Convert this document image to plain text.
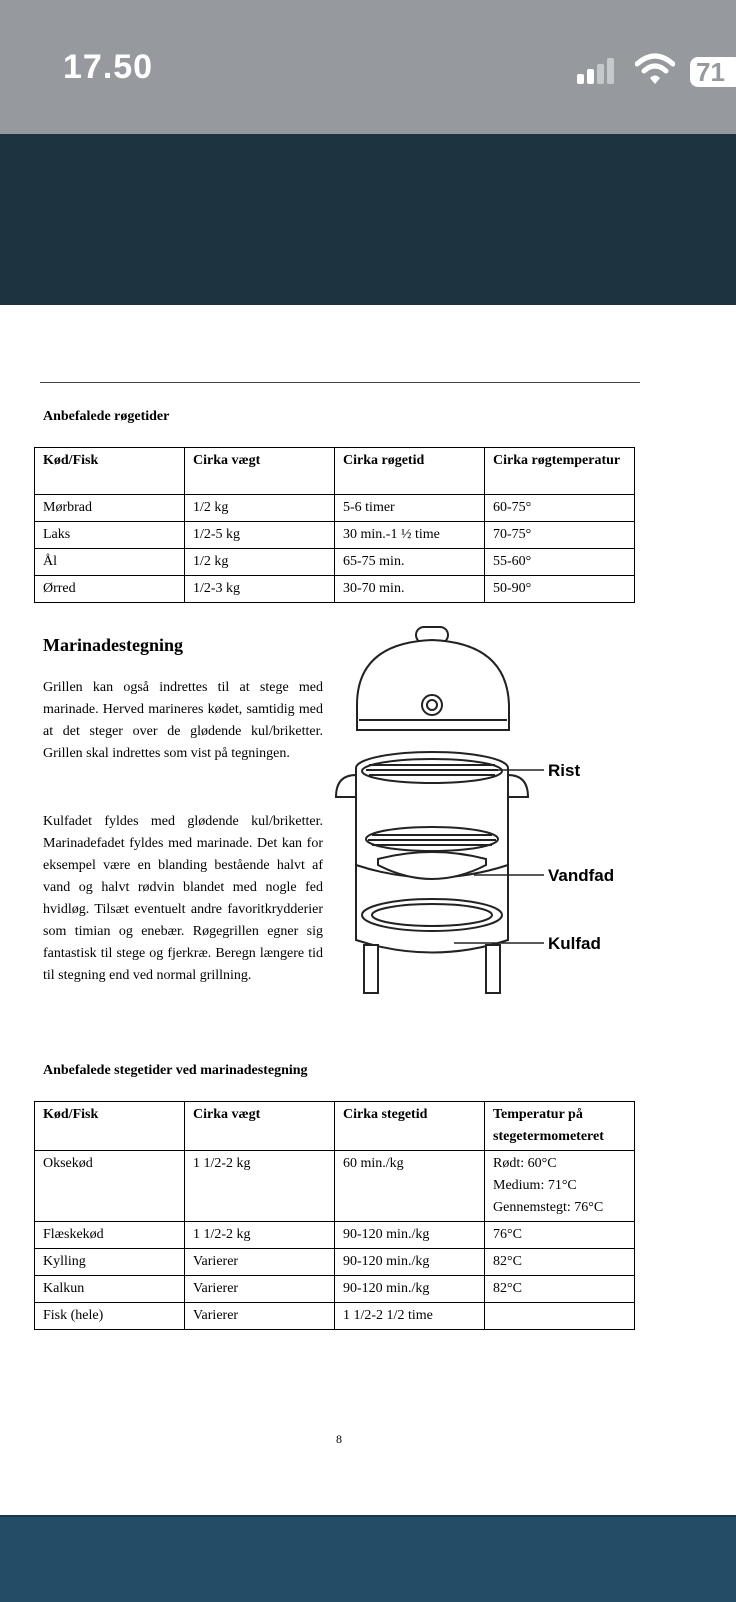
17.50	71
Anbefalede røgetider
Kød/Fisk	Cirka vægt	Cirka røgetid	Cirka røgtemperatur
Mørbrad	1/2 kg	5-6 timer	60-75°
Laks	1/2-5 kg	30 min.-1 ½ time	70-75°
Ål	1/2 kg	65-75 min.	55-60°
Ørred	1/2-3 kg	30-70 min.	50-90°
Marinadestegning

Grillen kan også indrettes til at stege med marinade. Herved marineres kødet, samtidig med at det steger over de glødende kul/briketter. Grillen skal indrettes som vist på tegningen.

Kulfadet fyldes med glødende kul/briketter. Marinadefadet fyldes med marinade. Det kan for eksempel være en blanding bestående halvt af vand og halvt rødvin blandet med nogle fed hvidløg. Tilsæt eventuelt andre favoritkrydderier som timian og enebær. Røgegrillen egner sig fantastisk til stege og fjerkræ. Beregn længere tid til stegning end ved normal grillning.

Rist
Vandfad
Kulfad
Anbefalede stegetider ved marinadestegning
Kød/Fisk	Cirka vægt	Cirka stegetid	Temperatur på stegetermometeret
Oksekød	1 1/2-2 kg	60 min./kg	Rødt: 60°C
Medium: 71°C
Gennemstegt: 76°C

Flæskekød	1 1/2-2 kg	90-120 min./kg	76°C
Kylling	Varierer	90-120 min./kg	82°C
Kalkun	Varierer	90-120 min./kg	82°C
Fisk (hele)	Varierer	1 1/2-2 1/2 time	
8
